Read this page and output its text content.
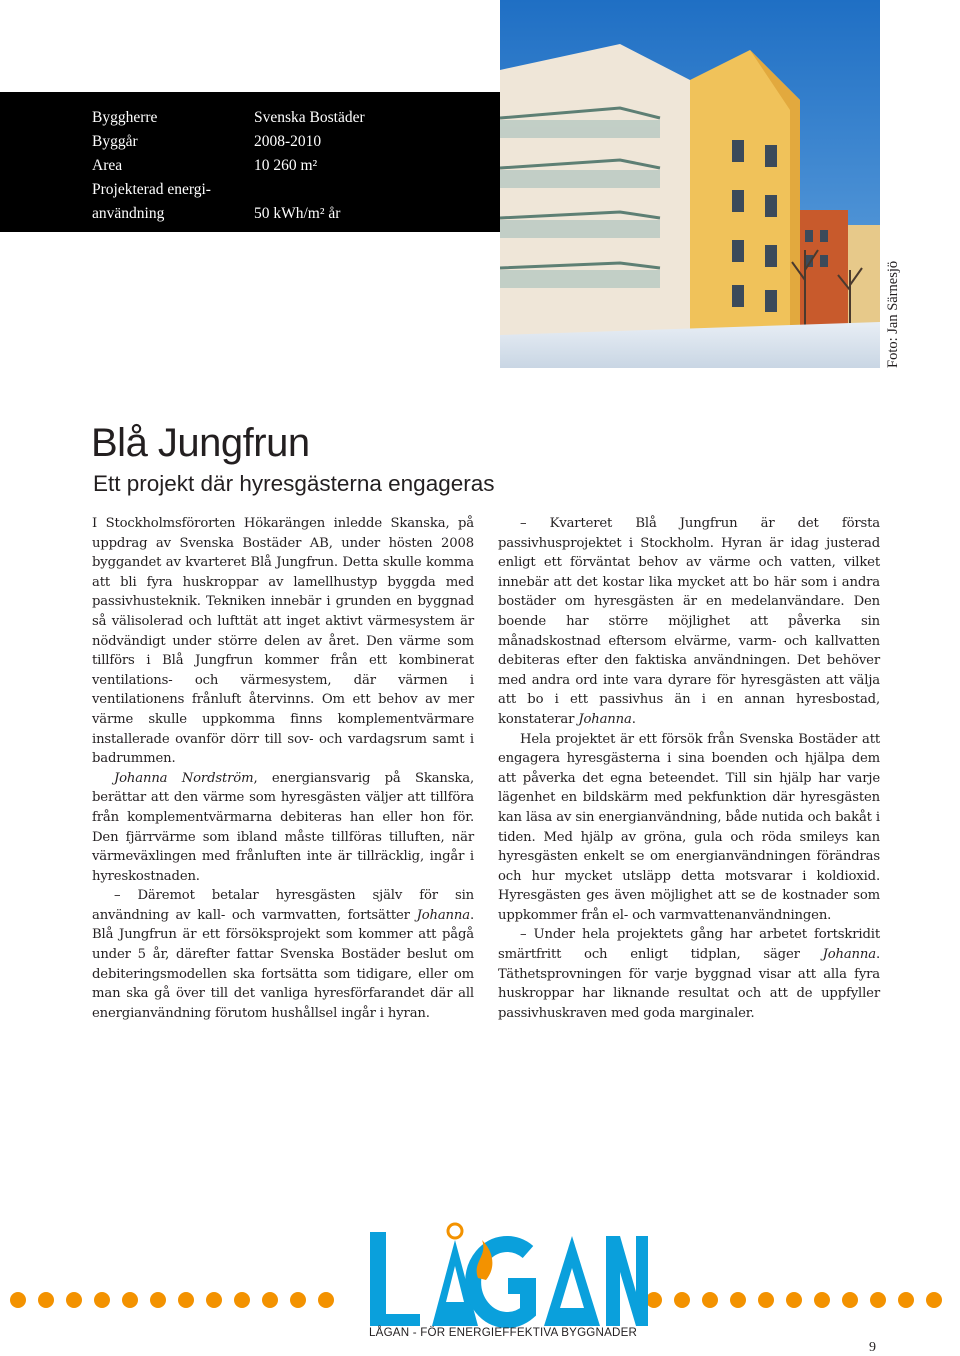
Byggherre	Svenska Bostäder
Byggår	2008-2010
Area	10 260 m²
Projekterad energi-
användning	50 kWh/m² år
Foto: Jan Särnesjö
Blå Jungfrun
Ett projekt där hyresgästerna engageras

I Stockholmsförorten Hökarängen inledde Skanska, på uppdrag av Svenska Bostäder AB, under hösten 2008 byggandet av kvarteret Blå Jungfrun. Detta skulle komma att bli fyra huskroppar av lamellhustyp byggda med passivhusteknik. Tekniken innebär i grunden en byggnad så välisolerad och lufttät att inget aktivt värmesystem är nödvändigt under större delen av året. Den värme som tillförs i Blå Jungfrun kommer från ett kombinerat ventilations- och värmesystem, där värmen i ventilationens frånluft återvinns. Om ett behov av mer värme skulle uppkomma finns komplementvärmare installerade ovanför dörr till sov- och vardagsrum samt i badrummen.

Johanna Nordström, energiansvarig på Skanska, berättar att den värme som hyresgästen väljer att tillföra från komplementvärmarna debiteras han eller hon för. Den fjärrvärme som ibland måste tillföras tilluften, när värmeväxlingen med frånluften inte är tillräcklig, ingår i hyreskostnaden.

– Däremot betalar hyresgästen själv för sin användning av kall- och varmvatten, fortsätter Johanna. Blå Jungfrun är ett försöksprojekt som kommer att pågå under 5 år, därefter fattar Svenska Bostäder beslut om debiteringsmodellen ska fortsätta som tidigare, eller om man ska gå över till det vanliga hyresförfarandet där all energianvändning förutom hushållsel ingår i hyran.

– Kvarteret Blå Jungfrun är det första passivhusprojektet i Stockholm. Hyran är idag justerad enligt ett förväntat behov av värme och vatten, vilket innebär att det kostar lika mycket att bo här som i andra bostäder om hyresgästen är en medelanvändare. Den boende har större möjlighet att påverka sin månadskostnad eftersom elvärme, varm- och kallvatten debiteras efter den faktiska användningen. Det behöver med andra ord inte vara dyrare för hyresgästen att välja att bo i ett passivhus än i en annan hyresbostad, konstaterar Johanna.

Hela projektet är ett försök från Svenska Bostäder att engagera hyresgästerna i sina boenden och hjälpa dem att påverka det egna beteendet. Till sin hjälp har varje lägenhet en bildskärm med pekfunktion där hyresgästen kan läsa av sin energianvändning, både nutida och bakåt i tiden. Med hjälp av gröna, gula och röda smileys kan hyresgästen enkelt se om energianvändningen förändras och hur mycket utsläpp detta motsvarar i koldioxid. Hyresgästen ges även möjlighet att se de kostnader som uppkommer från el- och varmvattenanvändningen.

– Under hela projektets gång har arbetet fortskridit smärtfritt och enligt tidplan, säger Johanna. Täthetsprovningen för varje byggnad visar att alla fyra huskroppar har liknande resultat och att de uppfyller passivhuskraven med goda marginaler.

LÅGAN - FÖR ENERGIEFFEKTIVA BYGGNADER
9
